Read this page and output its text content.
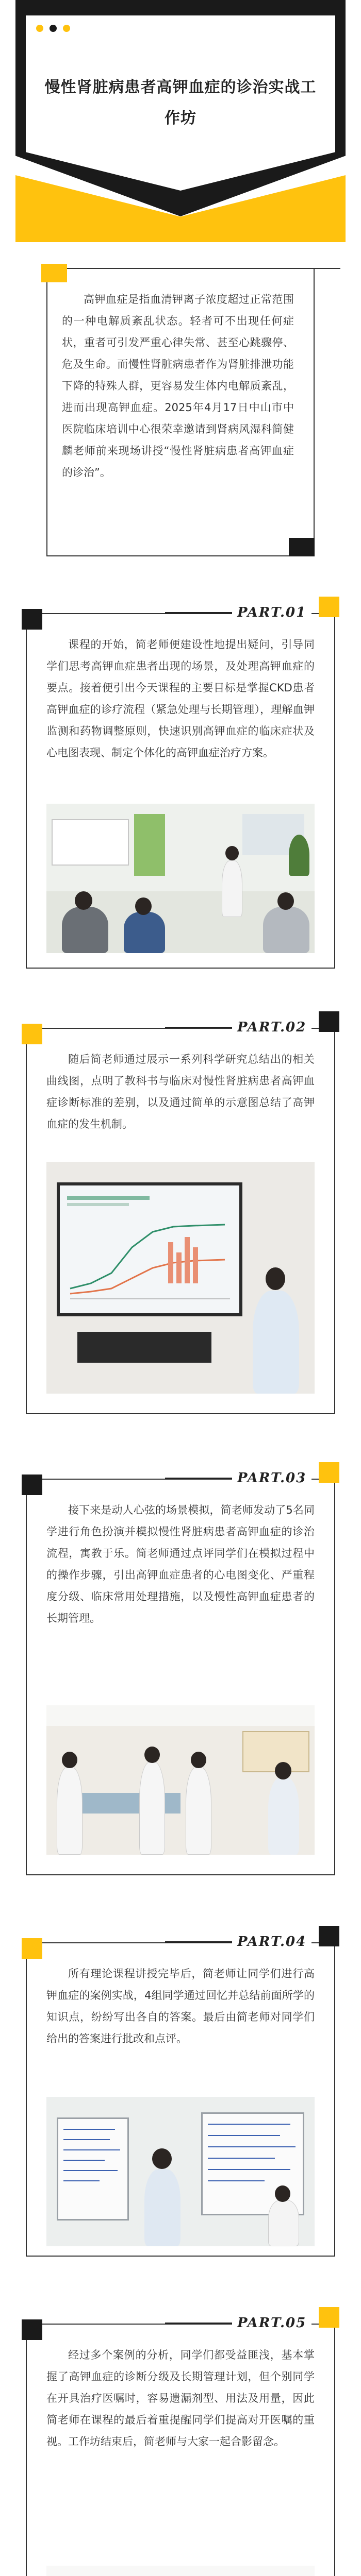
慢性肾脏病患者高钾血症的诊治实战工作坊

高钾血症是指血清钾离子浓度超过正常范围的一种电解质紊乱状态。轻者可不出现任何症状，重者可引发严重心律失常、甚至心跳骤停、危及生命。而慢性肾脏病患者作为肾脏排泄功能下降的特殊人群，更容易发生体内电解质紊乱，进而出现高钾血症。2025年4月17日中山市中医院临床培训中心很荣幸邀请到肾病风湿科简健麟老师前来现场讲授“慢性肾脏病患者高钾血症的诊治”。

PART.01

课程的开始，简老师便建设性地提出疑问，引导同学们思考高钾血症患者出现的场景，及处理高钾血症的要点。接着便引出今天课程的主要目标是掌握CKD患者高钾血症的诊疗流程（紧急处理与长期管理），理解血钾监测和药物调整原则，快速识别高钾血症的临床症状及心电图表现、制定个体化的高钾血症治疗方案。

PART.02

随后简老师通过展示一系列科学研究总结出的相关曲线图，点明了教科书与临床对慢性肾脏病患者高钾血症诊断标准的差别，以及通过简单的示意图总结了高钾血症的发生机制。

PART.03

接下来是动人心弦的场景模拟，简老师发动了5名同学进行角色扮演并模拟慢性肾脏病患者高钾血症的诊治流程，寓教于乐。简老师通过点评同学们在模拟过程中的操作步骤，引出高钾血症患者的心电图变化、严重程度分级、临床常用处理措施，以及慢性高钾血症患者的长期管理。

PART.04

所有理论课程讲授完毕后，简老师让同学们进行高钾血症的案例实战，4组同学通过回忆并总结前面所学的知识点，纷纷写出各自的答案。最后由简老师对同学们给出的答案进行批改和点评。

PART.05

经过多个案例的分析，同学们都受益匪浅，基本掌握了高钾血症的诊断分级及长期管理计划，但个别同学在开具治疗医嘱时，容易遗漏剂型、用法及用量，因此简老师在课程的最后着重提醒同学们提高对开医嘱的重视。工作坊结束后，简老师与大家一起合影留念。
